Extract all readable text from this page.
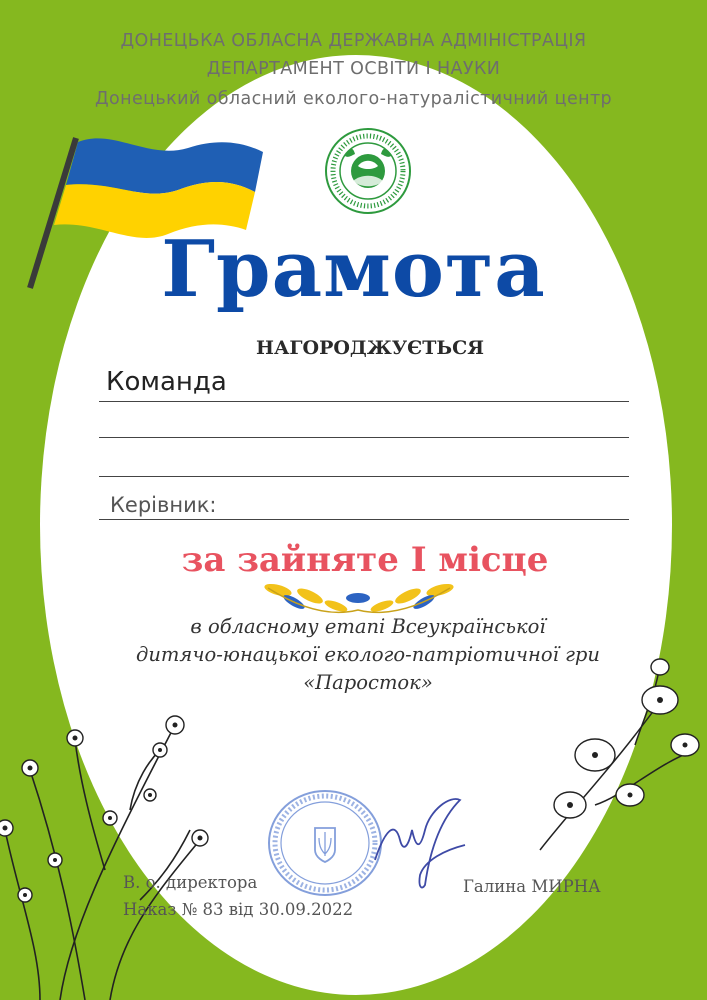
ДОНЕЦЬКА ОБЛАСНА ДЕРЖАВНА АДМІНІСТРАЦІЯ
ДЕПАРТАМЕНТ ОСВІТИ І НАУКИ
Донецький обласний еколого-натуралістичний центр
Грамота
НАГОРОДЖУЄТЬСЯ
Команда
Керівник:
за зайняте І місце
в обласному етапі Всеукраїнської
дитячо-юнацької еколого-патріотичної гри
«Паросток»
В. о. директора
Наказ № 83 від 30.09.2022
Галина МИРНА
